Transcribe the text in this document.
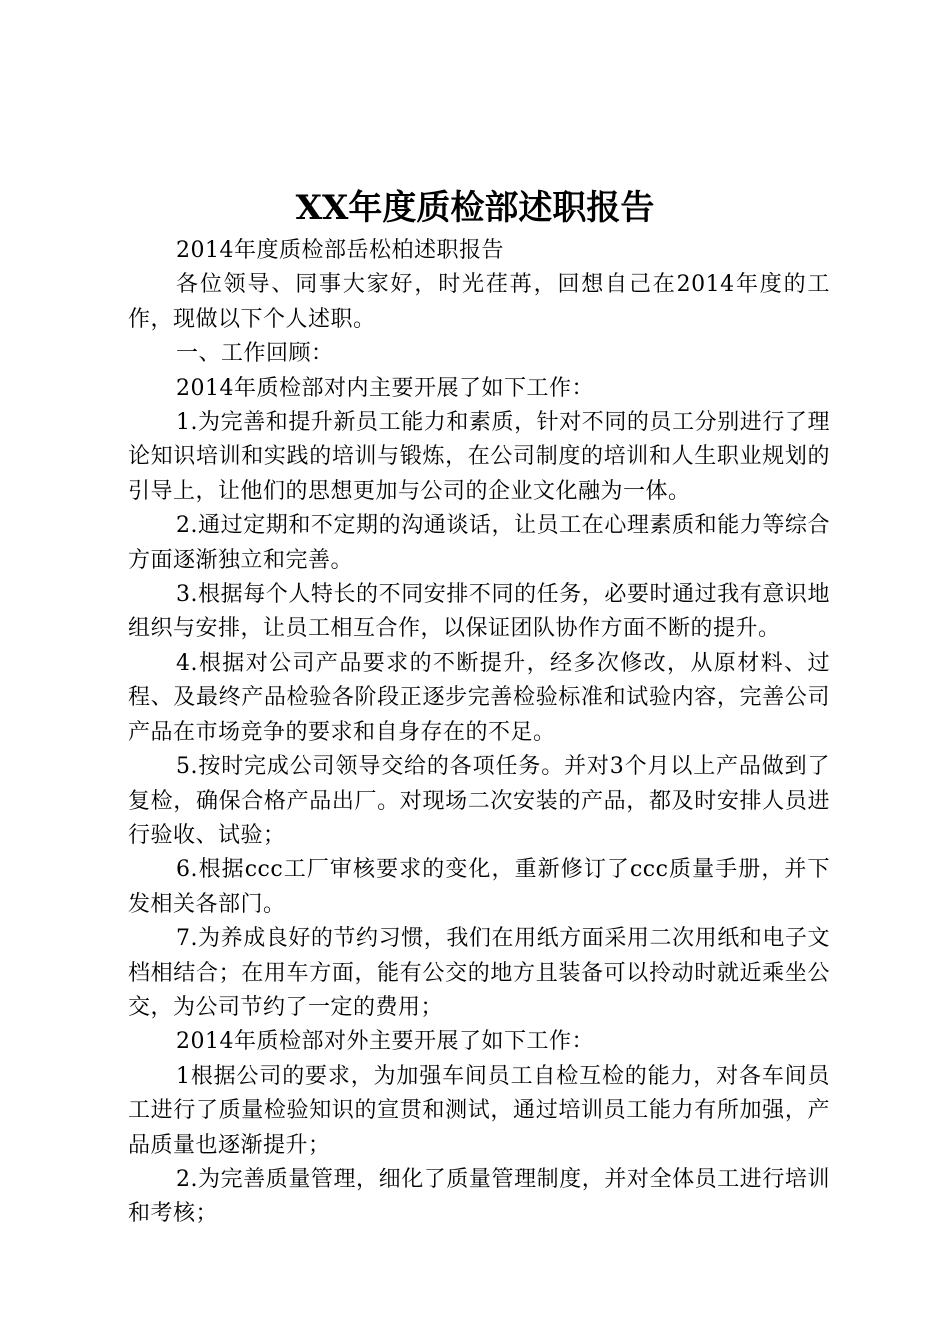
XX年度质检部述职报告

2014年度质检部岳松柏述职报告

各位领导、同事大家好，时光荏苒，回想自己在2014年度的工作，现做以下个人述职。

一、工作回顾：

2014年质检部对内主要开展了如下工作：

1.为完善和提升新员工能力和素质，针对不同的员工分别进行了理论知识培训和实践的培训与锻炼，在公司制度的培训和人生职业规划的引导上，让他们的思想更加与公司的企业文化融为一体。

2.通过定期和不定期的沟通谈话，让员工在心理素质和能力等综合方面逐渐独立和完善。

3.根据每个人特长的不同安排不同的任务，必要时通过我有意识地组织与安排，让员工相互合作，以保证团队协作方面不断的提升。

4.根据对公司产品要求的不断提升，经多次修改，从原材料、过程、及最终产品检验各阶段正逐步完善检验标准和试验内容，完善公司产品在市场竞争的要求和自身存在的不足。

5.按时完成公司领导交给的各项任务。并对3个月以上产品做到了复检，确保合格产品出厂。对现场二次安装的产品，都及时安排人员进行验收、试验；

6.根据ccc工厂审核要求的变化，重新修订了ccc质量手册，并下发相关各部门。

7.为养成良好的节约习惯，我们在用纸方面采用二次用纸和电子文档相结合；在用车方面，能有公交的地方且装备可以拎动时就近乘坐公交，为公司节约了一定的费用；

2014年质检部对外主要开展了如下工作：

1根据公司的要求，为加强车间员工自检互检的能力，对各车间员工进行了质量检验知识的宣贯和测试，通过培训员工能力有所加强，产品质量也逐渐提升；

2.为完善质量管理，细化了质量管理制度，并对全体员工进行培训和考核；
